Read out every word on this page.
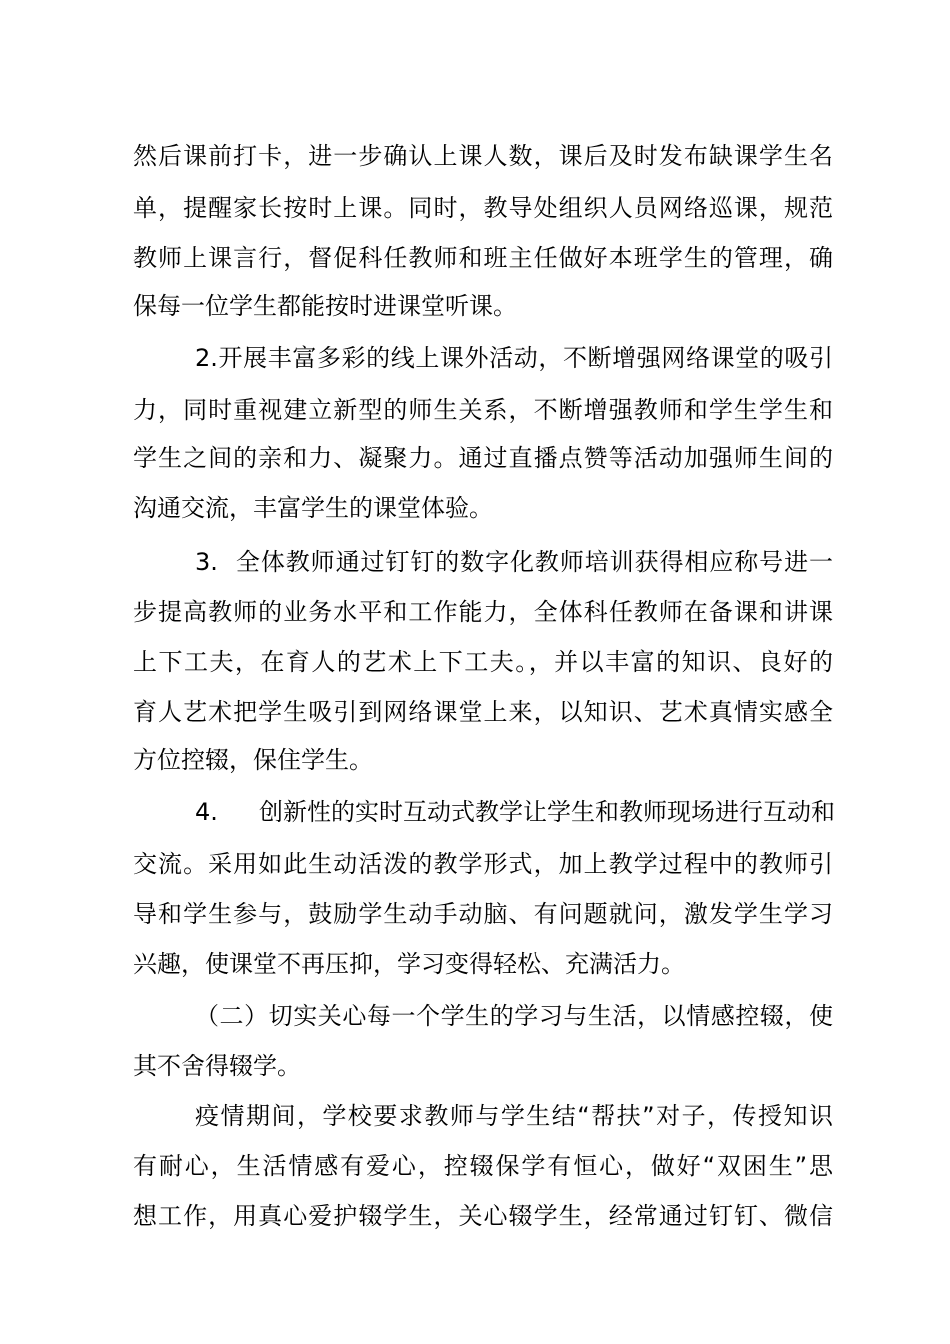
然后课前打卡，进一步确认上课人数，课后及时发布缺课学生名
单，提醒家长按时上课。同时，教导处组织人员网络巡课，规范
教师上课言行，督促科任教师和班主任做好本班学生的管理，确
保每一位学生都能按时进课堂听课。
2.开展丰富多彩的线上课外活动，不断增强网络课堂的吸引
力，同时重视建立新型的师生关系，不断增强教师和学生学生和
学生之间的亲和力、凝聚力。通过直播点赞等活动加强师生间的
沟通交流，丰富学生的课堂体验。
3. 全体教师通过钉钉的数字化教师培训获得相应称号进一
步提高教师的业务水平和工作能力，全体科任教师在备课和讲课
上下工夫，在育人的艺术上下工夫。，并以丰富的知识、良好的
育人艺术把学生吸引到网络课堂上来，以知识、艺术真情实感全
方位控辍，保住学生。
4. 创新性的实时互动式教学让学生和教师现场进行互动和
交流。采用如此生动活泼的教学形式，加上教学过程中的教师引
导和学生参与，鼓励学生动手动脑、有问题就问，激发学生学习
兴趣，使课堂不再压抑，学习变得轻松、充满活力。
（二）切实关心每一个学生的学习与生活，以情感控辍，使
其不舍得辍学。
疫情期间，学校要求教师与学生结“帮扶”对子，传授知识
有耐心，生活情感有爱心，控辍保学有恒心，做好“双困生”思
想工作，用真心爱护辍学生，关心辍学生，经常通过钉钉、微信
